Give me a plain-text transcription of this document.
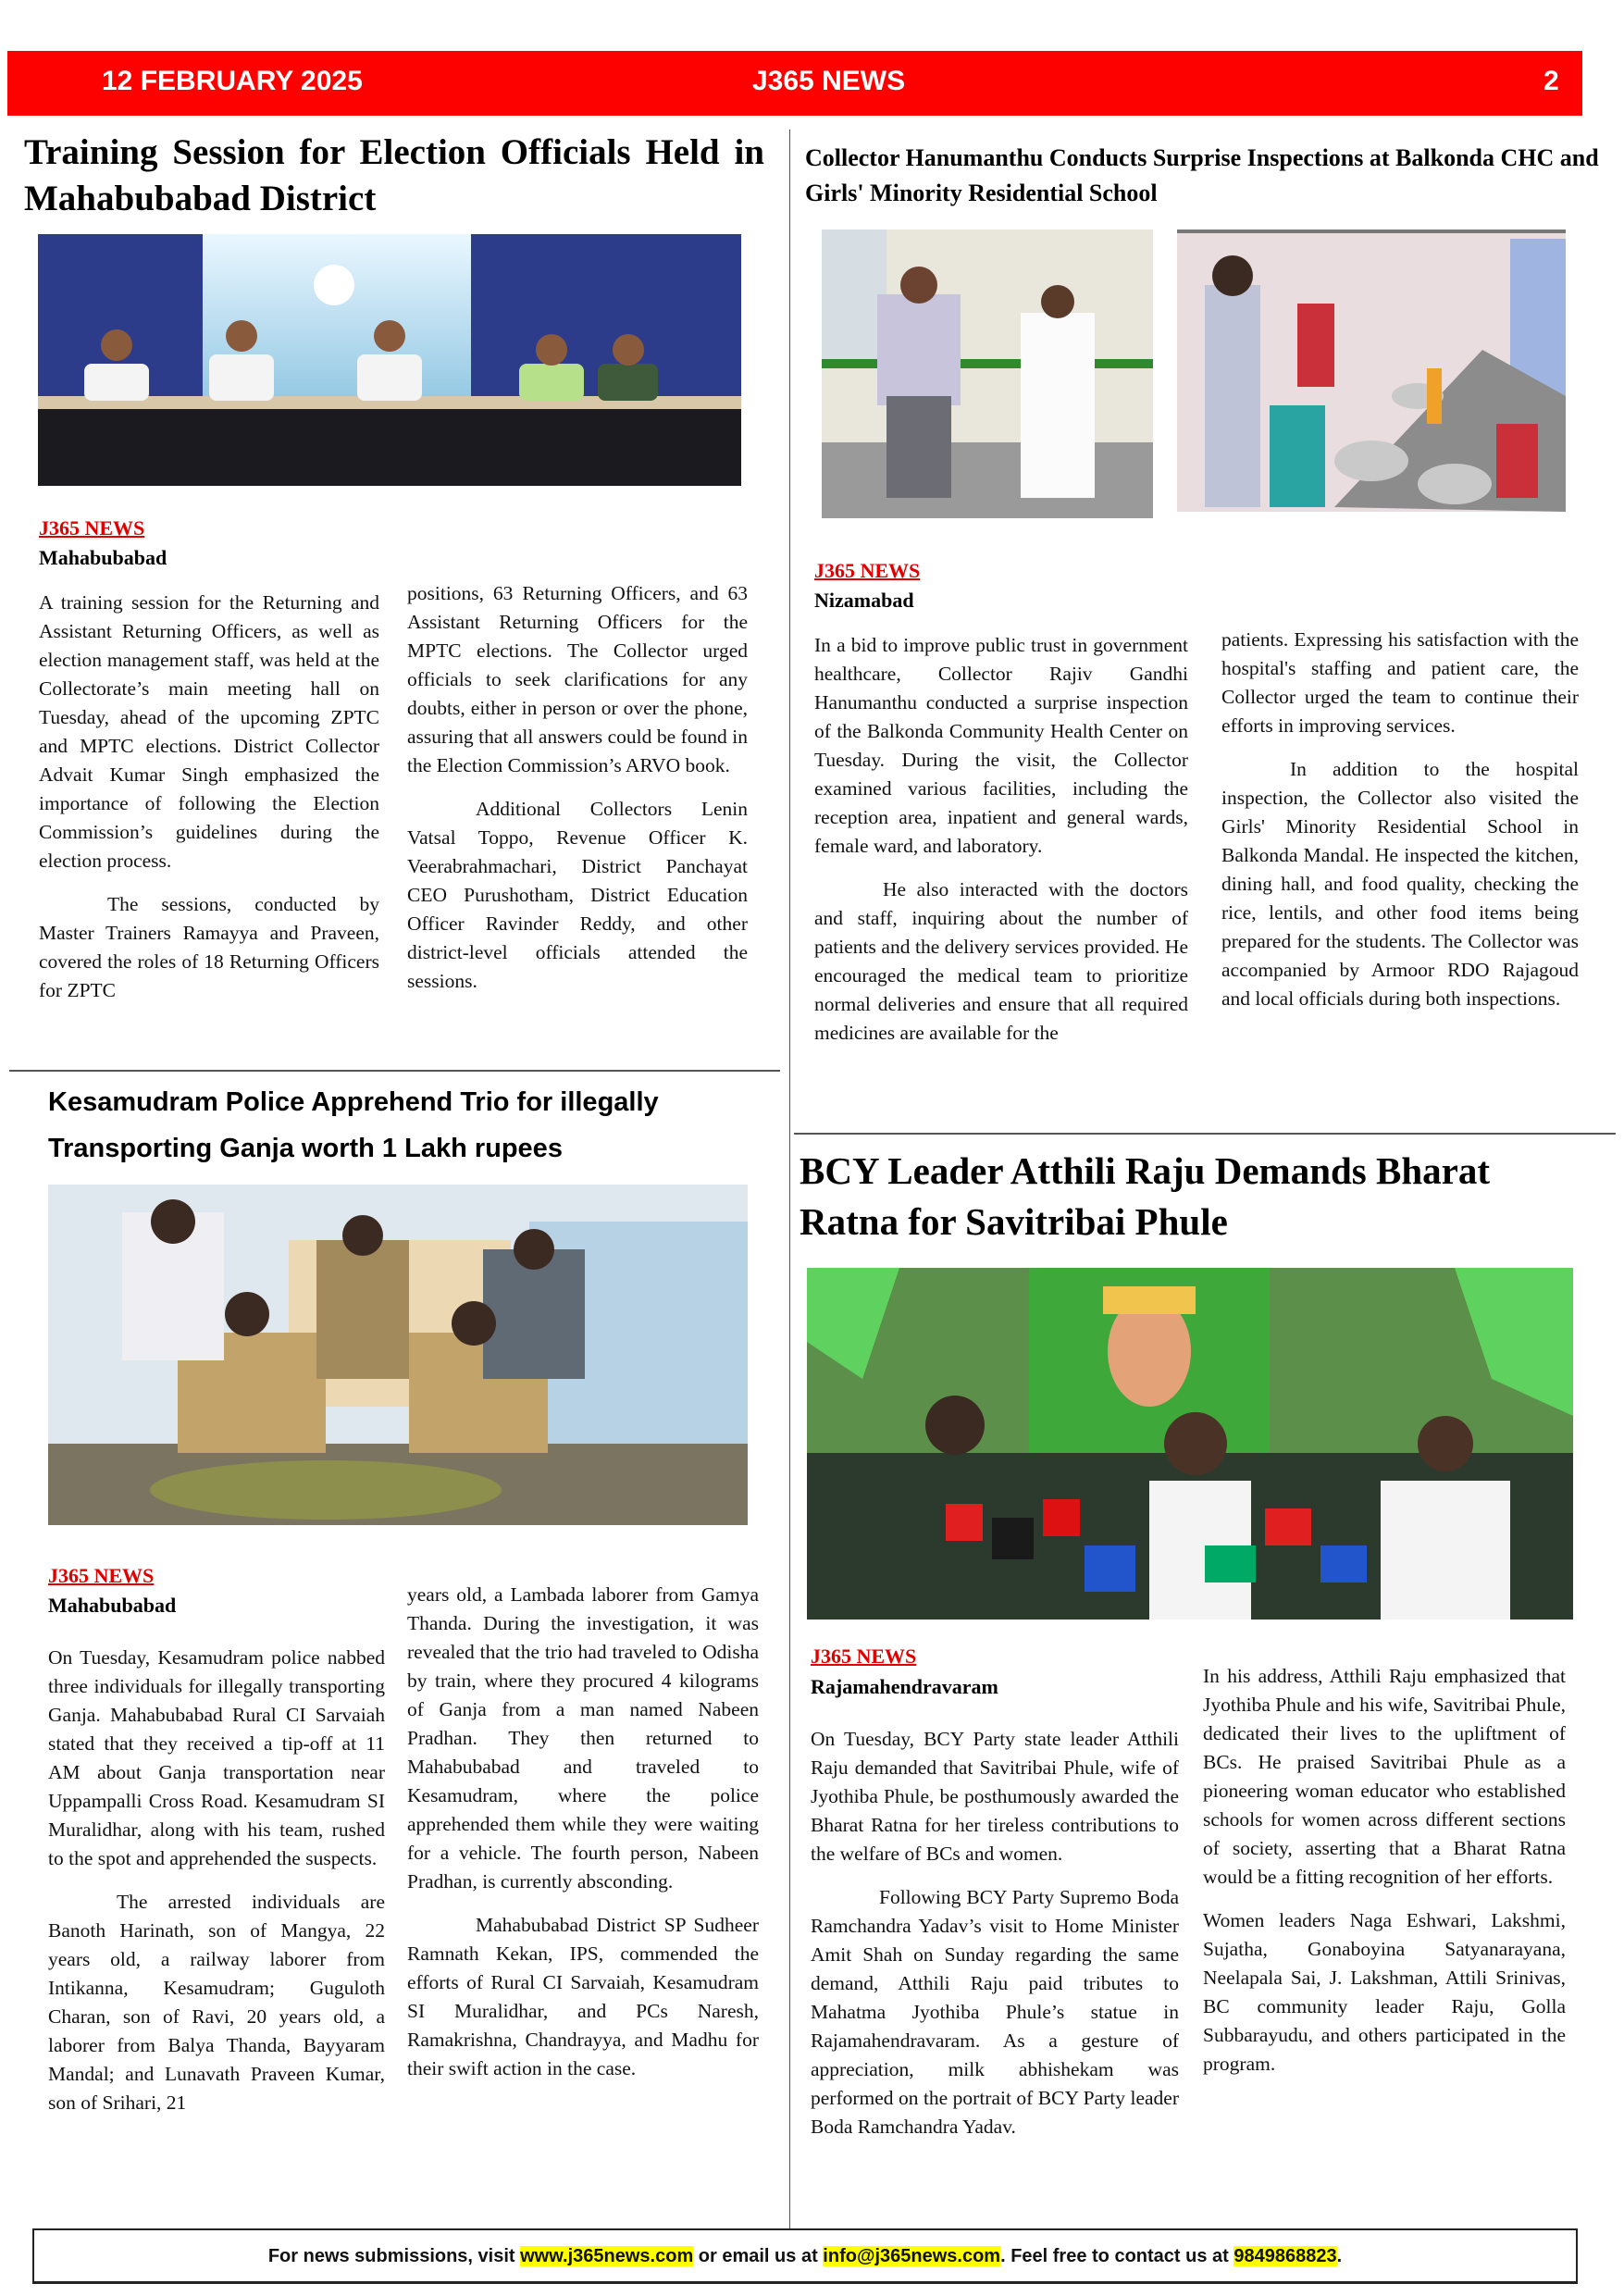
12 FEBRUARY 2025	J365 NEWS	2
Training Session for Election Officials Held in Mahabubabad District
J365 NEWS
Mahabubabad

A training session for the Returning and Assistant Returning Officers, as well as election management staff, was held at the Collectorate’s main meeting hall on Tuesday, ahead of the upcoming ZPTC and MPTC elections. District Collector Advait Kumar Singh emphasized the importance of following the Election Commission’s guidelines during the election process.

The sessions, conducted by Master Trainers Ramayya and Praveen, covered the roles of 18 Returning Officers for ZPTC

positions, 63 Returning Officers, and 63 Assistant Returning Officers for the MPTC elections. The Collector urged officials to seek clarifications for any doubts, either in person or over the phone, assuring that all answers could be found in the Election Commission’s ARVO book.

Additional Collectors Lenin Vatsal Toppo, Revenue Officer K. Veerabrahmachari, District Panchayat CEO Purushotham, District Education Officer Ravinder Reddy, and other district-level officials attended the sessions.

Collector Hanumanthu Conducts Surprise Inspections at Balkonda CHC and Girls' Minority Residential School
J365 NEWS
Nizamabad

In a bid to improve public trust in government healthcare, Collector Rajiv Gandhi Hanumanthu conducted a surprise inspection of the Balkonda Community Health Center on Tuesday. During the visit, the Collector examined various facilities, including the reception area, inpatient and general wards, female ward, and laboratory.

He also interacted with the doctors and staff, inquiring about the number of patients and the delivery services provided. He encouraged the medical team to prioritize normal deliveries and ensure that all required medicines are available for the

patients. Expressing his satisfaction with the hospital's staffing and patient care, the Collector urged the team to continue their efforts in improving services.

In addition to the hospital inspection, the Collector also visited the Girls' Minority Residential School in Balkonda Mandal. He inspected the kitchen, dining hall, and food quality, checking the rice, lentils, and other food items being prepared for the students. The Collector was accompanied by Armoor RDO Rajagoud and local officials during both inspections.

Kesamudram Police Apprehend Trio for illegally Transporting Ganja worth 1 Lakh rupees
J365 NEWS
Mahabubabad

On Tuesday, Kesamudram police nabbed three individuals for illegally transporting Ganja. Mahabubabad Rural CI Sarvaiah stated that they received a tip-off at 11 AM about Ganja transportation near Uppampalli Cross Road. Kesamudram SI Muralidhar, along with his team, rushed to the spot and apprehended the suspects.

The arrested individuals are Banoth Harinath, son of Mangya, 22 years old, a railway laborer from Intikanna, Kesamudram; Guguloth Charan, son of Ravi, 20 years old, a laborer from Balya Thanda, Bayyaram Mandal; and Lunavath Praveen Kumar, son of Srihari, 21

years old, a Lambada laborer from Gamya Thanda. During the investigation, it was revealed that the trio had traveled to Odisha by train, where they procured 4 kilograms of Ganja from a man named Nabeen Pradhan. They then returned to Mahabubabad and traveled to Kesamudram, where the police apprehended them while they were waiting for a vehicle. The fourth person, Nabeen Pradhan, is currently absconding.

Mahabubabad District SP Sudheer Ramnath Kekan, IPS, commended the efforts of Rural CI Sarvaiah, Kesamudram SI Muralidhar, and PCs Naresh, Ramakrishna, Chandrayya, and Madhu for their swift action in the case.

BCY Leader Atthili Raju Demands Bharat Ratna for Savitribai Phule
J365 NEWS
Rajamahendravaram

On Tuesday, BCY Party state leader Atthili Raju demanded that Savitribai Phule, wife of Jyothiba Phule, be posthumously awarded the Bharat Ratna for her tireless contributions to the welfare of BCs and women.

Following BCY Party Supremo Boda Ramchandra Yadav’s visit to Home Minister Amit Shah on Sunday regarding the same demand, Atthili Raju paid tributes to Mahatma Jyothiba Phule’s statue in Rajamahendravaram. As a gesture of appreciation, milk abhishekam was performed on the portrait of BCY Party leader Boda Ramchandra Yadav.

In his address, Atthili Raju emphasized that Jyothiba Phule and his wife, Savitribai Phule, dedicated their lives to the upliftment of BCs. He praised Savitribai Phule as a pioneering woman educator who established schools for women across different sections of society, asserting that a Bharat Ratna would be a fitting recognition of her efforts.

Women leaders Naga Eshwari, Lakshmi, Sujatha, Gonaboyina Satyanarayana, Neelapala Sai, J. Lakshman, Attili Srinivas, BC community leader Raju, Golla Subbarayudu, and others participated in the program.

For news submissions, visit www.j365news.com or email us at info@j365news.com. Feel free to contact us at 9849868823.
